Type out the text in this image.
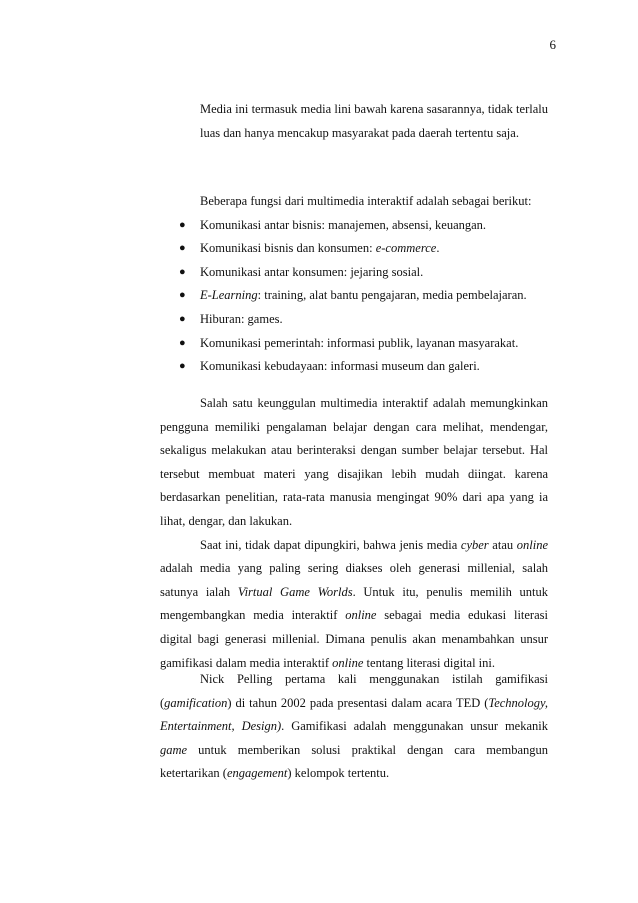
6

Media ini termasuk media lini bawah karena sasarannya, tidak terlalu luas dan hanya mencakup masyarakat pada daerah tertentu saja.

Beberapa fungsi dari multimedia interaktif adalah sebagai berikut:

● Komunikasi antar bisnis: manajemen, absensi, keuangan.
● Komunikasi bisnis dan konsumen: e-commerce.
● Komunikasi antar konsumen: jejaring sosial.
● E-Learning: training, alat bantu pengajaran, media pembelajaran.
● Hiburan: games.
● Komunikasi pemerintah: informasi publik, layanan masyarakat.
● Komunikasi kebudayaan: informasi museum dan galeri.

Salah satu keunggulan multimedia interaktif adalah memungkinkan pengguna memiliki pengalaman belajar dengan cara melihat, mendengar, sekaligus melakukan atau berinteraksi dengan sumber belajar tersebut. Hal tersebut membuat materi yang disajikan lebih mudah diingat. karena berdasarkan penelitian, rata-rata manusia mengingat 90% dari apa yang ia lihat, dengar, dan lakukan.

Saat ini, tidak dapat dipungkiri, bahwa jenis media cyber atau online adalah media yang paling sering diakses oleh generasi millenial, salah satunya ialah Virtual Game Worlds. Untuk itu, penulis memilih untuk mengembangkan media interaktif online sebagai media edukasi literasi digital bagi generasi millenial. Dimana penulis akan menambahkan unsur gamifikasi dalam media interaktif online tentang literasi digital ini.

Nick Pelling pertama kali menggunakan istilah gamifikasi (gamification) di tahun 2002 pada presentasi dalam acara TED (Technology, Entertainment, Design). Gamifikasi adalah menggunakan unsur mekanik game untuk memberikan solusi praktikal dengan cara membangun ketertarikan (engagement) kelompok tertentu.
